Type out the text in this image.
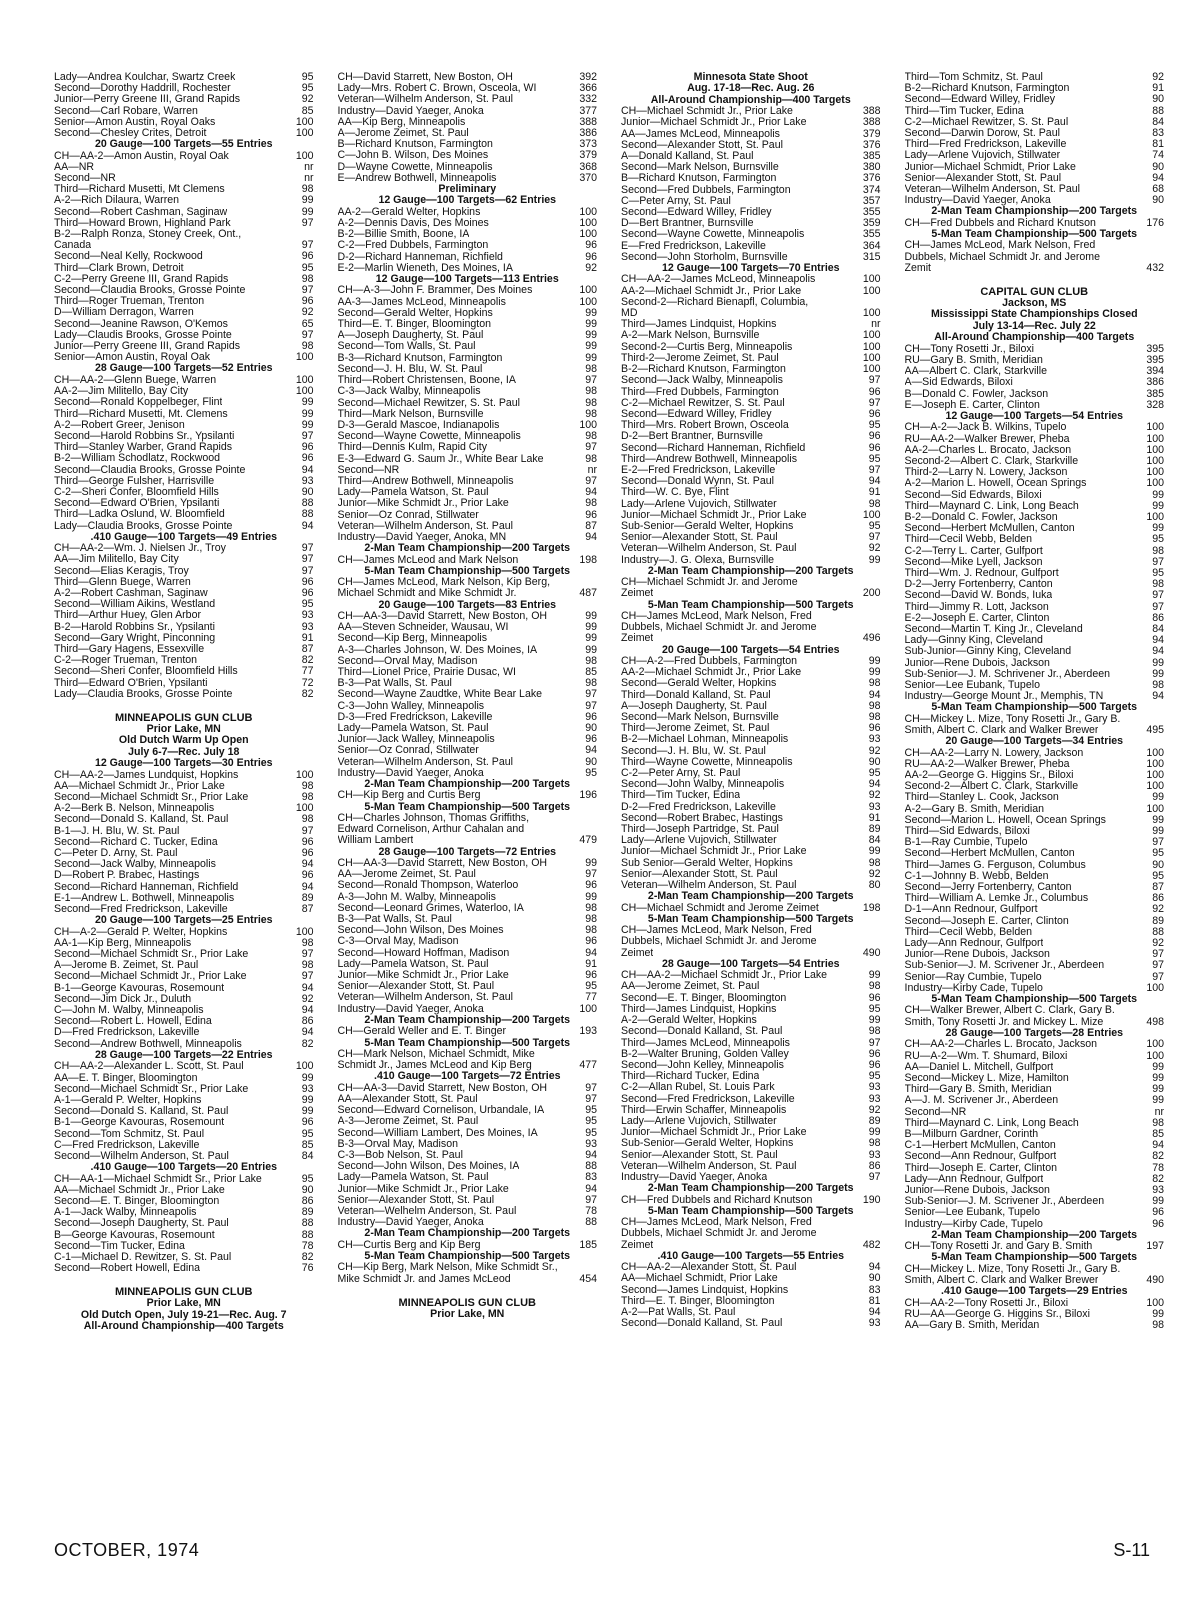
Lady—Andrea Koulchar, Swartz Creek	95
Second—Dorothy Haddrill, Rochester	95
Junior—Perry Greene III, Grand Rapids	92
Second—Carl Robare, Warren	85
Senior—Amon Austin, Royal Oaks	100
Second—Chesley Crites, Detroit	100
20 Gauge—100 Targets—55 Entries
CH—AA-2—Amon Austin, Royal Oak	100
AA—NR	nr
Second—NR	nr
Third—Richard Musetti, Mt Clemens	98
A-2—Rich Dilaura, Warren	99
Second—Robert Cashman, Saginaw	99
Third—Howard Brown, Highland Park	97
B-2—Ralph Ronza, Stoney Creek, Ont.,
Canada	97
Second—Neal Kelly, Rockwood	96
Third—Clark Brown, Detroit	95
C-2—Perry Greene III, Grand Rapids	98
Second—Claudia Brooks, Grosse Pointe	97
Third—Roger Trueman, Trenton	96
D—William Derragon, Warren	92
Second—Jeanine Rawson, O'Kemos	65
Lady—Claudis Brooks, Grosse Pointe	97
Junior—Perry Greene III, Grand Rapids	98
Senior—Amon Austin, Royal Oak	100
28 Gauge—100 Targets—52 Entries
CH—AA-2—Glenn Buege, Warren	100
AA-2—Jim Militello, Bay City	100
Second—Ronald Koppelbeger, Flint	99
Third—Richard Musetti, Mt. Clemens	99
A-2—Robert Greer, Jenison	99
Second—Harold Robbins Sr., Ypsilanti	97
Third—Stanley Warber, Grand Rapids	96
B-2—William Schodlatz, Rockwood	96
Second—Claudia Brooks, Grosse Pointe	94
Third—George Fulsher, Harrisville	93
C-2—Sheri Confer, Bloomfield Hills	90
Second—Edward O'Brien, Ypsilanti	88
Third—Ladka Oslund, W. Bloomfield	88
Lady—Claudia Brooks, Grosse Pointe	94
.410 Gauge—100 Targets—49 Entries
CH—AA-2—Wm. J. Nielsen Jr., Troy	97
AA—Jim Militello, Bay City	97
Second—Elias Keragis, Troy	97
Third—Glenn Buege, Warren	96
A-2—Robert Cashman, Saginaw	96
Second—William Aikins, Westland	95
Third—Arthur Huey, Glen Arbor	93
B-2—Harold Robbins Sr., Ypsilanti	93
Second—Gary Wright, Pinconning	91
Third—Gary Hagens, Essexville	87
C-2—Roger Trueman, Trenton	82
Second—Sheri Confer, Bloomfield Hills	77
Third—Edward O'Brien, Ypsilanti	72
Lady—Claudia Brooks, Grosse Pointe	82
MINNEAPOLIS GUN CLUB
Prior Lake, MN
Old Dutch Warm Up Open
July 6-7—Rec. July 18
12 Gauge—100 Targets—30 Entries
CH—AA-2—James Lundquist, Hopkins	100
AA—Michael Schmidt Jr., Prior Lake	98
Second—Michael Schmidt Sr., Prior Lake	98
A-2—Berk B. Nelson, Minneapolis	100
Second—Donald S. Kalland, St. Paul	98
B-1—J. H. Blu, W. St. Paul	97
Second—Richard C. Tucker, Edina	96
C—Peter D. Arny, St. Paul	96
Second—Jack Walby, Minneapolis	94
D—Robert P. Brabec, Hastings	96
Second—Richard Hanneman, Richfield	94
E-1—Andrew L. Bothwell, Minneapolis	89
Second—Fred Fredrickson, Lakeville	87
20 Gauge—100 Targets—25 Entries
CH—A-2—Gerald P. Welter, Hopkins	100
AA-1—Kip Berg, Minneapolis	98
Second—Michael Schmidt Sr., Prior Lake	97
A—Jerome B. Zeimet, St. Paul	98
Second—Michael Schmidt Jr., Prior Lake	97
B-1—George Kavouras, Rosemount	94
Second—Jim Dick Jr., Duluth	92
C—John M. Walby, Minneapolis	94
Second—Robert L. Howell, Edina	86
D—Fred Fredrickson, Lakeville	94
Second—Andrew Bothwell, Minneapolis	82
28 Gauge—100 Targets—22 Entries
CH—AA-2—Alexander L. Scott, St. Paul	100
AA—E. T. Binger, Bloomington	99
Second—Michael Schmidt Sr., Prior Lake	93
A-1—Gerald P. Welter, Hopkins	99
Second—Donald S. Kalland, St. Paul	99
B-1—George Kavouras, Rosemount	96
Second—Tom Schmitz, St. Paul	95
C—Fred Fredrickson, Lakeville	85
Second—Wilhelm Anderson, St. Paul	84
.410 Gauge—100 Targets—20 Entries
CH—AA-1—Michael Schmidt Sr., Prior Lake	95
AA—Michael Schmidt Jr., Prior Lake	90
Second—E. T. Binger, Bloomington	86
A-1—Jack Walby, Minneapolis	89
Second—Joseph Daugherty, St. Paul	88
B—George Kavouras, Rosemount	88
Second—Tim Tucker, Edina	78
C-1—Michael D. Rewitzer, S. St. Paul	82
Second—Robert Howell, Edina	76
MINNEAPOLIS GUN CLUB
Prior Lake, MN
Old Dutch Open, July 19-21—Rec. Aug. 7
All-Around Championship—400 Targets
CH—David Starrett, New Boston, OH	392
Lady—Mrs. Robert C. Brown, Osceola, WI	366
Veteran—Wilhelm Anderson, St. Paul	332
Industry—David Yaeger, Anoka	377
AA—Kip Berg, Minneapolis	388
A—Jerome Zeimet, St. Paul	386
B—Richard Knutson, Farmington	373
C—John B. Wilson, Des Moines	379
D—Wayne Cowette, Minneapolis	368
E—Andrew Bothwell, Minneapolis	370
Preliminary
12 Gauge—100 Targets—62 Entries
AA-2—Gerald Welter, Hopkins	100
A-2—Dennis Davis, Des Moines	100
B-2—Billie Smith, Boone, IA	100
C-2—Fred Dubbels, Farmington	96
D-2—Richard Hanneman, Richfield	96
E-2—Marlin Wieneth, Des Moines, IA	92
12 Gauge—100 Targets—113 Entries
CH—A-3—John F. Brammer, Des Moines	100
AA-3—James McLeod, Minneapolis	100
Second—Gerald Welter, Hopkins	99
Third—E. T. Binger, Bloomington	99
A—Joseph Daugherty, St. Paul	99
Second—Tom Walls, St. Paul	99
B-3—Richard Knutson, Farmington	99
Second—J. H. Blu, W. St. Paul	98
Third—Robert Christensen, Boone, IA	97
C-3—Jack Walby, Minneapolis	98
Second—Michael Rewitzer, S. St. Paul	98
Third—Mark Nelson, Burnsville	98
D-3—Gerald Mascoe, Indianapolis	100
Second—Wayne Cowette, Minneapolis	98
Third—Dennis Kulm, Rapid City	97
E-3—Edward G. Saum Jr., White Bear Lake	98
Second—NR	nr
Third—Andrew Bothwell, Minneapolis	97
Lady—Pamela Watson, St. Paul	94
Junior—Mike Schmidt Jr., Prior Lake	98
Senior—Oz Conrad, Stillwater	96
Veteran—Wilhelm Anderson, St. Paul	87
Industry—David Yaeger, Anoka, MN	94
2-Man Team Championship—200 Targets
CH—James McLeod and Mark Nelson	198
5-Man Team Championship—500 Targets
CH—James McLeod, Mark Nelson, Kip Berg,
Michael Schmidt and Mike Schmidt Jr.	487
20 Gauge—100 Targets—83 Entries
CH—AA-3—David Starrett, New Boston, OH	99
AA—Steven Schneider, Wausau, WI	99
Second—Kip Berg, Minneapolis	99
A-3—Charles Johnson, W. Des Moines, IA	99
Second—Orval May, Madison	98
Third—Lionel Price, Prairie Dusac, WI	85
B-3—Pat Walls, St. Paul	98
Second—Wayne Zaudtke, White Bear Lake	97
C-3—John Walley, Minneapolis	97
D-3—Fred Fredrickson, Lakeville	96
Lady—Pamela Watson, St. Paul	90
Junior—Jack Walley, Minneapolis	96
Senior—Oz Conrad, Stillwater	94
Veteran—Wilhelm Anderson, St. Paul	90
Industry—David Yaeger, Anoka	95
2-Man Team Championship—200 Targets
CH—Kip Berg and Curtis Berg	196
5-Man Team Championship—500 Targets
CH—Charles Johnson, Thomas Griffiths,
Edward Cornelison, Arthur Cahalan and
William Lambert	479
28 Gauge—100 Targets—72 Entries
CH—AA-3—David Starrett, New Boston, OH	99
AA—Jerome Zeimet, St. Paul	97
Second—Ronald Thompson, Waterloo	96
A-3—John M. Walby, Minneapolis	99
Second—Leonard Grimes, Waterloo, IA	98
B-3—Pat Walls, St. Paul	98
Second—John Wilson, Des Moines	98
C-3—Orval May, Madison	96
Second—Howard Hoffman, Madison	94
Lady—Pamela Watson, St. Paul	91
Junior—Mike Schmidt Jr., Prior Lake	96
Senior—Alexander Stott, St. Paul	95
Veteran—Wilhelm Anderson, St. Paul	77
Industry—David Yaeger, Anoka	100
2-Man Team Championship—200 Targets
CH—Gerald Weller and E. T. Binger	193
5-Man Team Championship—500 Targets
CH—Mark Nelson, Michael Schmidt, Mike
Schmidt Jr., James McLeod and Kip Berg	477
.410 Gauge—100 Targets—72 Entries
CH—AA-3—David Starrett, New Boston, OH	97
AA—Alexander Stott, St. Paul	97
Second—Edward Cornelison, Urbandale, IA	95
A-3—Jerome Zeimet, St. Paul	95
Second—William Lambert, Des Moines, IA	95
B-3—Orval May, Madison	93
C-3—Bob Nelson, St. Paul	94
Second—John Wilson, Des Moines, IA	88
Lady—Pamela Watson, St. Paul	83
Junior—Mike Schmidt Jr., Prior Lake	94
Senior—Alexander Stott, St. Paul	97
Veteran—Welhelm Anderson, St. Paul	78
Industry—David Yaeger, Anoka	88
2-Man Team Championship—200 Targets
CH—Curtis Berg and Kip Berg	185
5-Man Team Championship—500 Targets
CH—Kip Berg, Mark Nelson, Mike Schmidt Sr.,
Mike Schmidt Jr. and James McLeod	454
MINNEAPOLIS GUN CLUB
Prior Lake, MN
Minnesota State Shoot
Aug. 17-18—Rec. Aug. 26
All-Around Championship—400 Targets
CH—Michael Schmidt Jr., Prior Lake	388
Junior—Michael Schmidt Jr., Prior Lake	388
AA—James McLeod, Minneapolis	379
Second—Alexander Stott, St. Paul	376
A—Donald Kalland, St. Paul	385
Second—Mark Nelson, Burnsville	380
B—Richard Knutson, Farmington	376
Second—Fred Dubbels, Farmington	374
C—Peter Arny, St. Paul	357
Second—Edward Willey, Fridley	355
D—Bert Brantner, Burnsville	359
Second—Wayne Cowette, Minneapolis	355
E—Fred Fredrickson, Lakeville	364
Second—John Storholm, Burnsville	315
12 Gauge—100 Targets—70 Entries
CH—AA-2—James McLeod, Minneapolis	100
AA-2—Michael Schmidt Jr., Prior Lake	100
Second-2—Richard Bienapfl, Columbia,
MD	100
Third—James Lindquist, Hopkins	nr
A-2—Mark Nelson, Burnsville	100
Second-2—Curtis Berg, Minneapolis	100
Third-2—Jerome Zeimet, St. Paul	100
B-2—Richard Knutson, Farmington	100
Second—Jack Walby, Minneapolis	97
Third—Fred Dubbels, Farmington	96
C-2—Michael Rewitzer, S. St. Paul	97
Second—Edward Willey, Fridley	96
Third—Mrs. Robert Brown, Osceola	95
D-2—Bert Brantner, Burnsville	96
Second—Richard Hanneman, Richfield	96
Third—Andrew Bothwell, Minneapolis	95
E-2—Fred Fredrickson, Lakeville	97
Second—Donald Wynn, St. Paul	94
Third—W. C. Bye, Flint	91
Lady—Arlene Vujovich, Stillwater	98
Junior—Michael Schmidt Jr., Prior Lake	100
Sub-Senior—Gerald Welter, Hopkins	95
Senior—Alexander Stott, St. Paul	97
Veteran—Wilhelm Anderson, St. Paul	92
Industry—J. G. Olexa, Burnsville	99
2-Man Team Championship—200 Targets
CH—Michael Schmidt Jr. and Jerome
Zeimet	200
5-Man Team Championship—500 Targets
CH—James McLeod, Mark Nelson, Fred
Dubbels, Michael Schmidt Jr. and Jerome
Zeimet	496
20 Gauge—100 Targets—54 Entries
CH—A-2—Fred Dubbels, Farmington	99
AA-2—Michael Schmidt Jr., Prior Lake	99
Second—Gerald Welter, Hopkins	98
Third—Donald Kalland, St. Paul	94
A—Joseph Daugherty, St. Paul	98
Second—Mark Nelson, Burnsville	98
Third—Jerome Zeimet, St. Paul	96
B-2—Michael Lohman, Minneapolis	93
Second—J. H. Blu, W. St. Paul	92
Third—Wayne Cowette, Minneapolis	90
C-2—Peter Arny, St. Paul	95
Second—John Walby, Minneapolis	94
Third—Tim Tucker, Edina	92
D-2—Fred Fredrickson, Lakeville	93
Second—Robert Brabec, Hastings	91
Third—Joseph Partridge, St. Paul	89
Lady—Arlene Vujovich, Stillwater	84
Junior—Michael Schmidt Jr., Prior Lake	99
Sub Senior—Gerald Welter, Hopkins	98
Senior—Alexander Stott, St. Paul	92
Veteran—Wilhelm Anderson, St. Paul	80
2-Man Team Championship—200 Targets
CH—Michael Schmidt and Jerome Zeimet	198
5-Man Team Championship—500 Targets
CH—James McLeod, Mark Nelson, Fred
Dubbels, Michael Schmidt Jr. and Jerome
Zeimet	490
28 Gauge—100 Targets—54 Entries
CH—AA-2—Michael Schmidt Jr., Prior Lake	99
AA—Jerome Zeimet, St. Paul	98
Second—E. T. Binger, Bloomington	96
Third—James Lindquist, Hopkins	95
A-2—Gerald Welter, Hopkins	99
Second—Donald Kalland, St. Paul	98
Third—James McLeod, Minneapolis	97
B-2—Walter Bruning, Golden Valley	96
Second—John Kelley, Minneapolis	96
Third—Richard Tucker, Edina	95
C-2—Allan Rubel, St. Louis Park	93
Second—Fred Fredrickson, Lakeville	93
Third—Erwin Schaffer, Minneapolis	92
Lady—Arlene Vujovich, Stillwater	89
Junior—Michael Schmidt Jr., Prior Lake	99
Sub-Senior—Gerald Welter, Hopkins	98
Senior—Alexander Stott, St. Paul	93
Veteran—Wilhelm Anderson, St. Paul	86
Industry—David Yaeger, Anoka	97
2-Man Team Championship—200 Targets
CH—Fred Dubbels and Richard Knutson	190
5-Man Team Championship—500 Targets
CH—James McLeod, Mark Nelson, Fred
Dubbels, Michael Schmidt Jr. and Jerome
Zeimet	482
.410 Gauge—100 Targets—55 Entries
CH—AA-2—Alexander Stott, St. Paul	94
AA—Michael Schmidt, Prior Lake	90
Second—James Lindquist, Hopkins	83
Third—E. T. Binger, Bloomington	81
A-2—Pat Walls, St. Paul	94
Second—Donald Kalland, St. Paul	93
Third—Tom Schmitz, St. Paul	92
B-2—Richard Knutson, Farmington	91
Second—Edward Willey, Fridley	90
Third—Tim Tucker, Edina	88
C-2—Michael Rewitzer, S. St. Paul	84
Second—Darwin Dorow, St. Paul	83
Third—Fred Fredrickson, Lakeville	81
Lady—Arlene Vujovich, Stillwater	74
Junior—Michael Schmidt, Prior Lake	90
Senior—Alexander Stott, St. Paul	94
Veteran—Wilhelm Anderson, St. Paul	68
Industry—David Yaeger, Anoka	90
2-Man Team Championship—200 Targets
CH—Fred Dubbels and Richard Knutson	176
5-Man Team Championship—500 Targets
CH—James McLeod, Mark Nelson, Fred
Dubbels, Michael Schmidt Jr. and Jerome
Zemit	432
CAPITAL GUN CLUB
Jackson, MS
Mississippi State Championships Closed
July 13-14—Rec. July 22
All-Around Championship—400 Targets
CH—Tony Rosetti Jr., Biloxi	395
RU—Gary B. Smith, Meridian	395
AA—Albert C. Clark, Starkville	394
A—Sid Edwards, Biloxi	386
B—Donald C. Fowler, Jackson	385
E—Joseph E. Carter, Clinton	328
12 Gauge—100 Targets—54 Entries
CH—A-2—Jack B. Wilkins, Tupelo	100
RU—AA-2—Walker Brewer, Pheba	100
AA-2—Charles L. Brocato, Jackson	100
Second-2—Albert C. Clark, Starkville	100
Third-2—Larry N. Lowery, Jackson	100
A-2—Marion L. Howell, Ocean Springs	100
Second—Sid Edwards, Biloxi	99
Third—Maynard C. Link, Long Beach	99
B-2—Donald C. Fowler, Jackson	100
Second—Herbert McMullen, Canton	99
Third—Cecil Webb, Belden	95
C-2—Terry L. Carter, Gulfport	98
Second—Mike Lyell, Jackson	97
Third—Wm. J. Rednour, Gulfport	95
D-2—Jerry Fortenberry, Canton	98
Second—David W. Bonds, Iuka	97
Third—Jimmy R. Lott, Jackson	97
E-2—Joseph E. Carter, Clinton	86
Second—Martin T. King Jr., Cleveland	84
Lady—Ginny King, Cleveland	94
Sub-Junior—Ginny King, Cleveland	94
Junior—Rene Dubois, Jackson	99
Sub-Senior—J. M. Schrivener Jr., Aberdeen	99
Senior—Lee Eubank, Tupelo	98
Industry—George Mount Jr., Memphis, TN	94
5-Man Team Championship—500 Targets
CH—Mickey L. Mize, Tony Rosetti Jr., Gary B.
Smith, Albert C. Clark and Walker Brewer	495
20 Gauge—100 Targets—34 Entries
CH—AA-2—Larry N. Lowery, Jackson	100
RU—AA-2—Walker Brewer, Pheba	100
AA-2—George G. Higgins Sr., Biloxi	100
Second-2—Albert C. Clark, Starkville	100
Third—Stanley L. Cook, Jackson	99
A-2—Gary B. Smith, Meridian	100
Second—Marion L. Howell, Ocean Springs	99
Third—Sid Edwards, Biloxi	99
B-1—Ray Cumbie, Tupelo	97
Second—Herbert McMullen, Canton	95
Third—James G. Ferguson, Columbus	90
C-1—Johnny B. Webb, Belden	95
Second—Jerry Fortenberry, Canton	87
Third—William A. Lemke Jr., Columbus	86
D-1—Ann Rednour, Gulfport	92
Second—Joseph E. Carter, Clinton	89
Third—Cecil Webb, Belden	88
Lady—Ann Rednour, Gulfport	92
Junior—Rene Dubois, Jackson	97
Sub-Senior—J. M. Scrivener Jr., Aberdeen	97
Senior—Ray Cumbie, Tupelo	97
Industry—Kirby Cade, Tupelo	100
5-Man Team Championship—500 Targets
CH—Walker Brewer, Albert C. Clark, Gary B.
Smith, Tony Rosetti Jr. and Mickey L. Mize	498
28 Gauge—100 Targets—28 Entries
CH—AA-2—Charles L. Brocato, Jackson	100
RU—A-2—Wm. T. Shumard, Biloxi	100
AA—Daniel L. Mitchell, Gulfport	99
Second—Mickey L. Mize, Hamilton	99
Third—Gary B. Smith, Meridian	99
A—J. M. Scrivener Jr., Aberdeen	99
Second—NR	nr
Third—Maynard C. Link, Long Beach	98
B—Milburn Gardner, Corinth	85
C-1—Herbert McMullen, Canton	94
Second—Ann Rednour, Gulfport	82
Third—Joseph E. Carter, Clinton	78
Lady—Ann Rednour, Gulfport	82
Junior—Rene Dubois, Jackson	93
Sub-Senior—J. M. Scrivener Jr., Aberdeen	99
Senior—Lee Eubank, Tupelo	96
Industry—Kirby Cade, Tupelo	96
2-Man Team Championship—200 Targets
CH—Tony Rosetti Jr. and Gary B. Smith	197
5-Man Team Championship—500 Targets
CH—Mickey L. Mize, Tony Rosetti Jr., Gary B.
Smith, Albert C. Clark and Walker Brewer	490
.410 Gauge—100 Targets—29 Entries
CH—AA-2—Tony Rosetti Jr., Biloxi	100
RU—AA—George G. Higgins Sr., Biloxi	99
AA—Gary B. Smith, Meridan	98
OCTOBER, 1974	S-11
